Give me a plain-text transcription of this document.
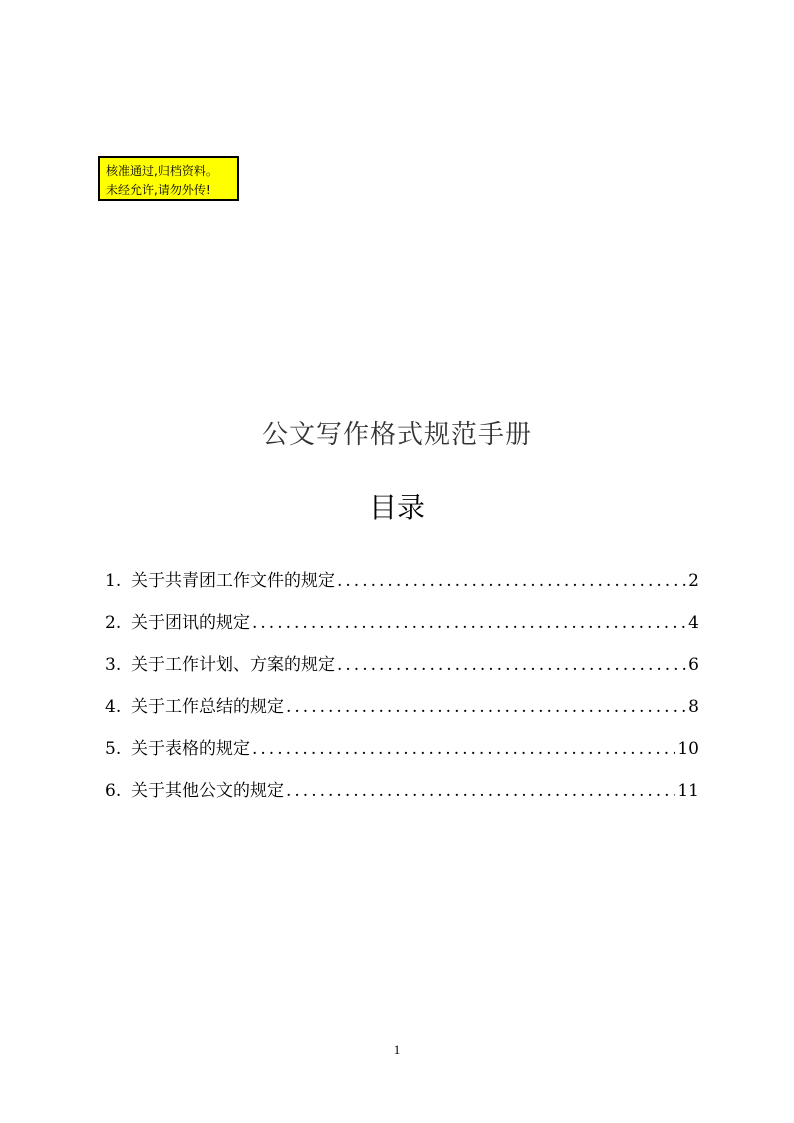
核准通过,归档资料。
未经允许,请勿外传!
公文写作格式规范手册
目录
1. 关于共青团工作文件的规定 .....	2
2. 关于团讯的规定 .....	4
3. 关于工作计划、方案的规定 .....	6
4. 关于工作总结的规定 .....	8
5. 关于表格的规定 .....	10
6. 关于其他公文的规定 .....	11
1
